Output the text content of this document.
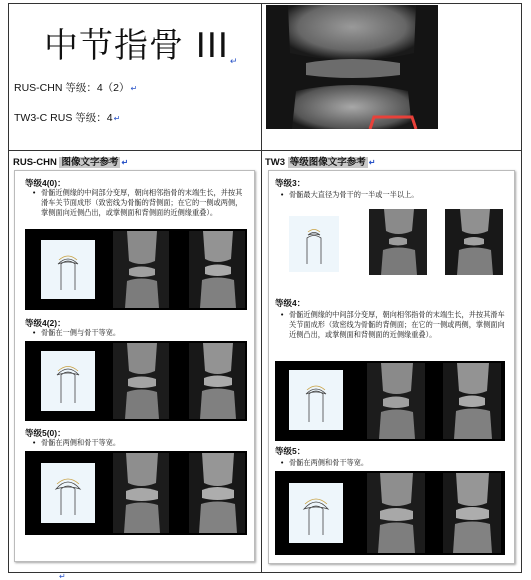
中节指骨 III↵
RUS-CHN 等级：4（2）↵
TW3-C RUS 等级：4↵
RUS-CHN 图像文字参考 ↵	TW3 等级图像文字参考 ↵
等级4(0)：
• 骨骺近侧缘的中间部分变厚，朝向相邻指骨的末端生长，并按其滑车关节面成形（致密线为骨骺的背侧面；在它的一侧或两侧，掌侧面向近侧凸出，或掌侧面和背侧面的近侧缘重叠）。
等级4(2)：
• 骨骺在一侧与骨干等宽。
等级5(0)：
• 骨骺在两侧和骨干等宽。
等级3：
• 骨骺最大直径为骨干的一半或一半以上。
等级4：
• 骨骺近侧缘的中间部分变厚，朝向相邻指骨的末端生长，并按其滑车关节面成形（致密线为骨骺的背侧面；在它的一侧或两侧，掌侧面向近侧凸出，或掌侧面和背侧面的近侧缘重叠）。
等级5：
• 骨骺在两侧和骨干等宽。
↵
